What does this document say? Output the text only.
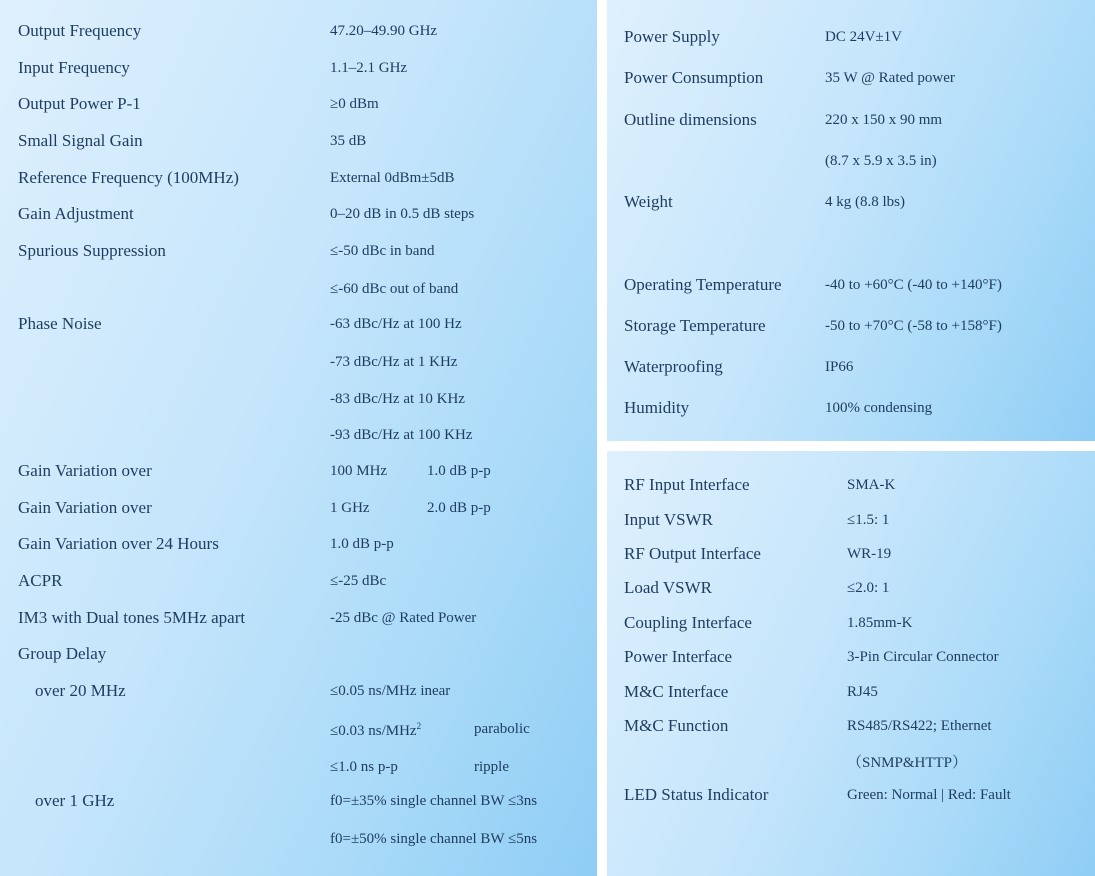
Output Frequency	47.20–49.90 GHz
Input Frequency	1.1–2.1 GHz
Output Power P-1	≥0 dBm
Small Signal Gain	35 dB
Reference Frequency (100MHz)	External 0dBm±5dB
Gain Adjustment	0–20 dB in 0.5 dB steps
Spurious Suppression	≤-50 dBc in band
≤-60 dBc out of band
Phase Noise	-63 dBc/Hz at 100 Hz
-73 dBc/Hz at 1 KHz
-83 dBc/Hz at 10 KHz
-93 dBc/Hz at 100 KHz
Gain Variation over	100 MHz	1.0 dB p-p
Gain Variation over	1 GHz	2.0 dB p-p
Gain Variation over 24 Hours	1.0 dB p-p
ACPR	≤-25 dBc
IM3 with Dual tones 5MHz apart	-25 dBc @ Rated Power
Group Delay
over 20 MHz	≤0.05 ns/MHz inear
≤0.03 ns/MHz$^2$	parabolic
≤1.0 ns p-p	ripple
over 1 GHz	f0=±35% single channel BW ≤3ns
f0=±50% single channel BW ≤5ns
Power Supply	DC 24V±1V
Power Consumption	35 W @ Rated power
Outline dimensions	220 x 150 x 90 mm
(8.7 x 5.9 x 3.5 in)
Weight	4 kg (8.8 lbs)
Operating Temperature	-40 to +60°C (-40 to +140°F)
Storage Temperature	-50 to +70°C (-58 to +158°F)
Waterproofing	IP66
Humidity	100% condensing
RF Input Interface	SMA-K
Input VSWR	≤1.5: 1
RF Output Interface	WR-19
Load VSWR	≤2.0: 1
Coupling Interface	1.85mm-K
Power Interface	3-Pin Circular Connector
M&C Interface	RJ45
M&C Function	RS485/RS422; Ethernet
（SNMP&HTTP）
LED Status Indicator	Green: Normal | Red: Fault
